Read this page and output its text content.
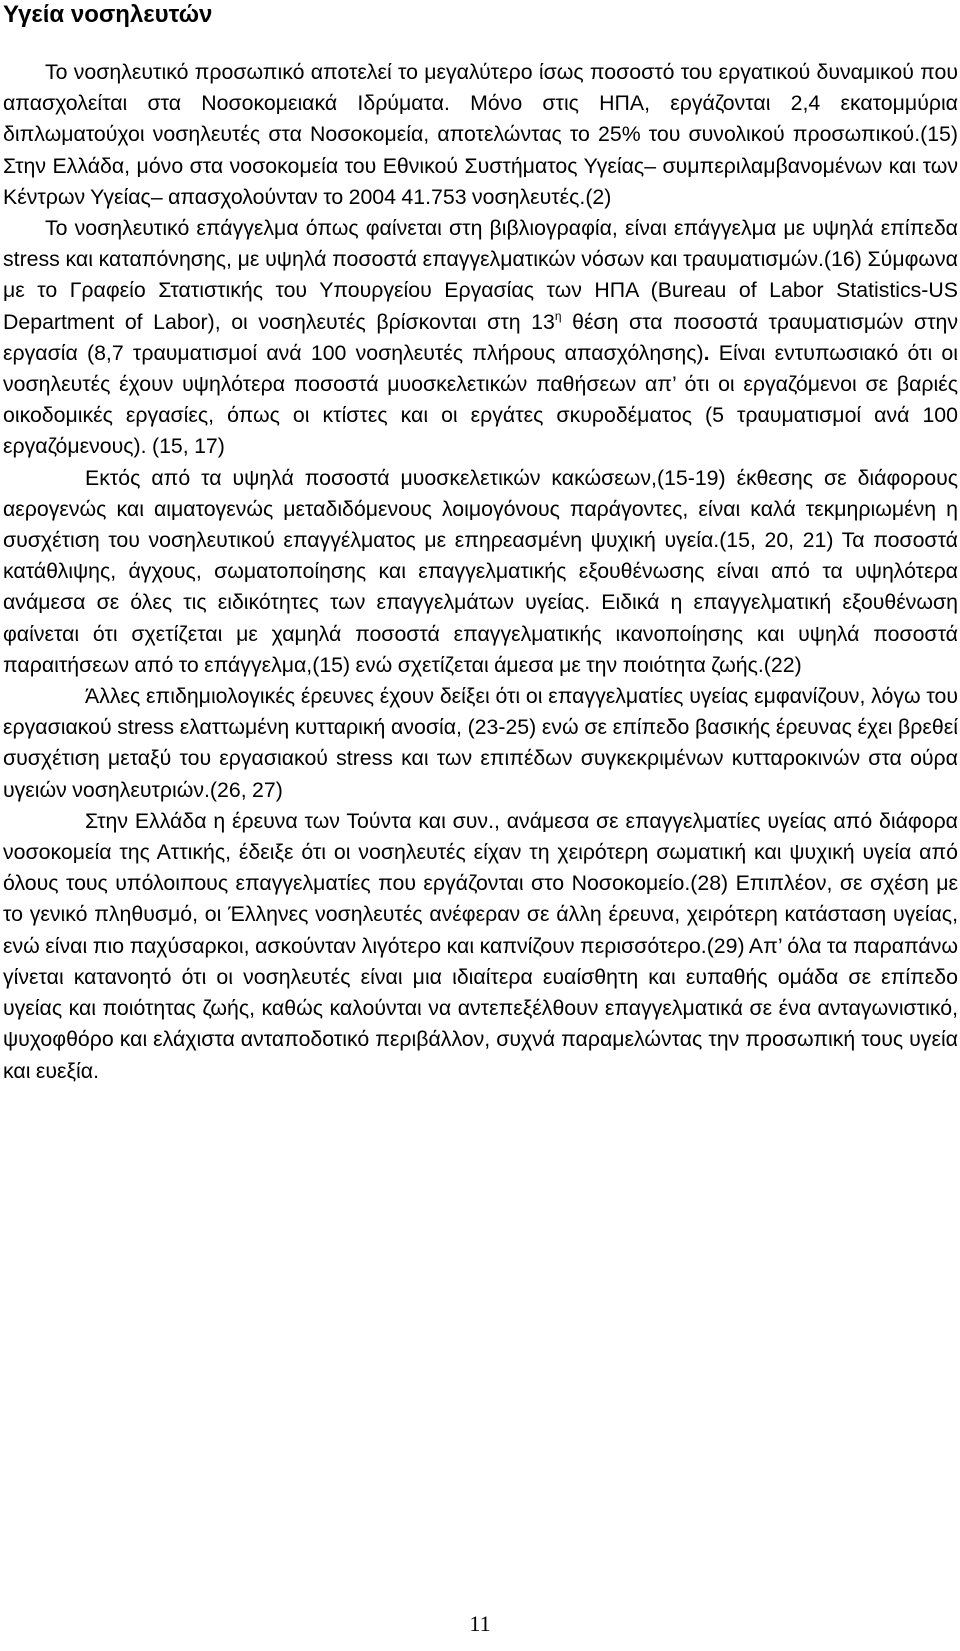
Υγεία νοσηλευτών

Το νοσηλευτικό προσωπικό αποτελεί το μεγαλύτερο ίσως ποσοστό του εργατικού δυναμικού που απασχολείται στα Νοσοκομειακά Ιδρύματα. Μόνο στις ΗΠΑ, εργάζονται 2,4 εκατομμύρια διπλωματούχοι νοσηλευτές στα Νοσοκομεία, αποτελώντας το 25% του συνολικού προσωπικού.(15) Στην Ελλάδα, μόνο στα νοσοκομεία του Εθνικού Συστήματος Υγείας– συμπεριλαμβανομένων και των Κέντρων Υγείας– απασχολούνταν το 2004 41.753 νοσηλευτές.(2)

Το νοσηλευτικό επάγγελμα όπως φαίνεται στη βιβλιογραφία, είναι επάγγελμα με υψηλά επίπεδα stress και καταπόνησης, με υψηλά ποσοστά επαγγελματικών νόσων και τραυματισμών.(16) Σύμφωνα με το Γραφείο Στατιστικής του Υπουργείου Εργασίας των ΗΠΑ (Bureau of Labor Statistics-US Department of Labor), οι νοσηλευτές βρίσκονται στη $13^\eta$ θέση στα ποσοστά τραυματισμών στην εργασία (8,7 τραυματισμοί ανά 100 νοσηλευτές πλήρους απασχόλησης). Είναι εντυπωσιακό ότι οι νοσηλευτές έχουν υψηλότερα ποσοστά μυοσκελετικών παθήσεων απ’ ότι οι εργαζόμενοι σε βαριές οικοδομικές εργασίες, όπως οι κτίστες και οι εργάτες σκυροδέματος (5 τραυματισμοί ανά 100 εργαζόμενους). (15, 17)

Εκτός από τα υψηλά ποσοστά μυοσκελετικών κακώσεων,(15-19) έκθεσης σε διάφορους αερογενώς και αιματογενώς μεταδιδόμενους λοιμογόνους παράγοντες, είναι καλά τεκμηριωμένη η συσχέτιση του νοσηλευτικού επαγγέλματος με επηρεασμένη ψυχική υγεία.(15, 20, 21) Τα ποσοστά κατάθλιψης, άγχους, σωματοποίησης και επαγγελματικής εξουθένωσης είναι από τα υψηλότερα ανάμεσα σε όλες τις ειδικότητες των επαγγελμάτων υγείας. Ειδικά η επαγγελματική εξουθένωση φαίνεται ότι σχετίζεται με χαμηλά ποσοστά επαγγελματικής ικανοποίησης και υψηλά ποσοστά παραιτήσεων από το επάγγελμα,(15) ενώ σχετίζεται άμεσα με την ποιότητα ζωής.(22)

Άλλες επιδημιολογικές έρευνες έχουν δείξει ότι οι επαγγελματίες υγείας εμφανίζουν, λόγω του εργασιακού stress ελαττωμένη κυτταρική ανοσία, (23-25) ενώ σε επίπεδο βασικής έρευνας έχει βρεθεί συσχέτιση μεταξύ του εργασιακού stress και των επιπέδων συγκεκριμένων κυτταροκινών στα ούρα υγειών νοσηλευτριών.(26, 27)

Στην Ελλάδα η έρευνα των Τούντα και συν., ανάμεσα σε επαγγελματίες υγείας από διάφορα νοσοκομεία της Αττικής, έδειξε ότι οι νοσηλευτές είχαν τη χειρότερη σωματική και ψυχική υγεία από όλους τους υπόλοιπους επαγγελματίες που εργάζονται στο Νοσοκομείο.(28) Επιπλέον, σε σχέση με το γενικό πληθυσμό, οι Έλληνες νοσηλευτές ανέφεραν σε άλλη έρευνα, χειρότερη κατάσταση υγείας, ενώ είναι πιο παχύσαρκοι, ασκούνταν λιγότερο και καπνίζουν περισσότερο.(29) Απ’ όλα τα παραπάνω γίνεται κατανοητό ότι οι νοσηλευτές είναι μια ιδιαίτερα ευαίσθητη και ευπαθής ομάδα σε επίπεδο υγείας και ποιότητας ζωής, καθώς καλούνται να αντεπεξέλθουν επαγγελματικά σε ένα ανταγωνιστικό, ψυχοφθόρο και ελάχιστα ανταποδοτικό περιβάλλον, συχνά παραμελώντας την προσωπική τους υγεία και ευεξία.

11
